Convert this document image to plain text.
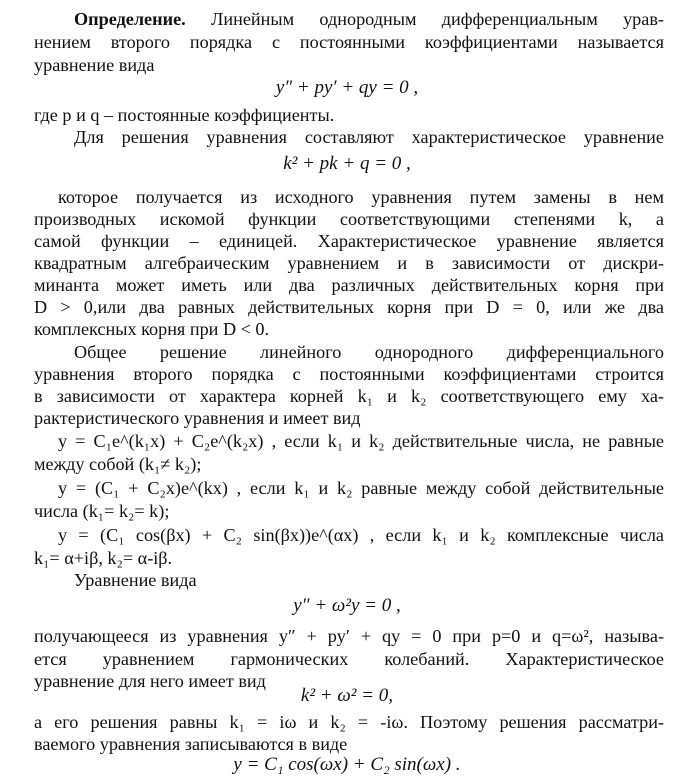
Определение. Линейным однородным дифференциальным урав-

нением второго порядка с постоянными коэффициентами называется

уравнение вида

y″ + py′ + qy = 0 ,

где p и q – постоянные коэффициенты.

Для решения уравнения составляют характеристическое уравнение

k² + pk + q = 0 ,

которое получается из исходного уравнения путем замены в нем

производных искомой функции соответствующими степенями k, а

самой функции – единицей. Характеристическое уравнение является

квадратным алгебраическим уравнением и в зависимости от дискри-

минанта может иметь или два различных действительных корня при

D > 0,или два равных действительных корня при D = 0, или же два

комплексных корня при D < 0.

Общее решение линейного однородного дифференциального

уравнения второго порядка с постоянными коэффициентами строится

в зависимости от характера корней k₁ и k₂ соответствующего ему ха-

рактеристического уравнения и имеет вид

y = C₁e^(k₁x) + C₂e^(k₂x) , если k₁ и k₂ действительные числа, не равные

между собой (k₁≠ k₂);

y = (C₁ + C₂x)e^(kx) , если k₁ и k₂ равные между собой действительные

числа (k₁= k₂= k);

y = (C₁ cos(βx) + C₂ sin(βx))e^(αx) , если k₁ и k₂ комплексные числа

k₁= α+iβ, k₂= α-iβ.

Уравнение вида

y″ + ω²y = 0 ,

получающееся из уравнения y″ + py′ + qy = 0 при p=0 и q=ω², называ-

ется уравнением гармонических колебаний. Характеристическое

уравнение для него имеет вид

k² + ω² = 0,

а его решения равны k₁ = iω и k₂ = -iω. Поэтому решения рассматри-

ваемого уравнения записываются в виде

y = C₁ cos(ωx) + C₂ sin(ωx) .
